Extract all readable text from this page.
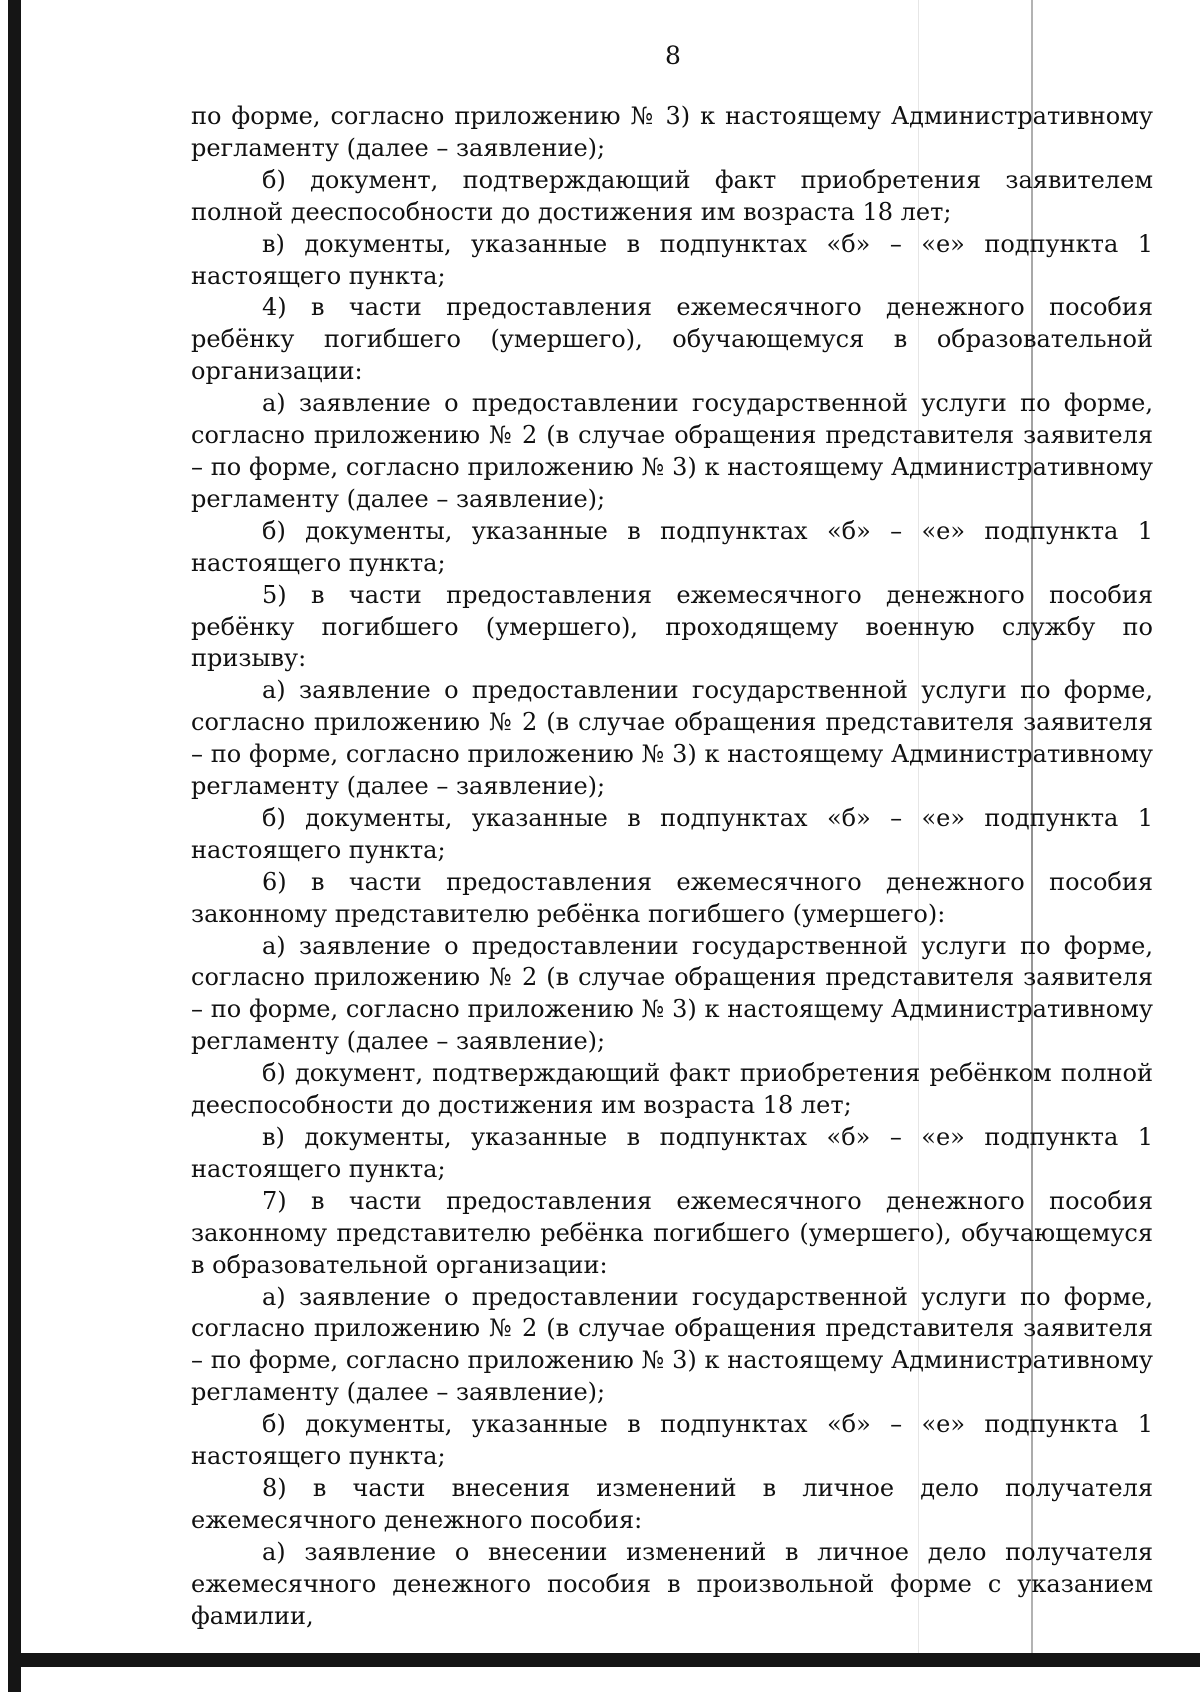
8

по форме, согласно приложению № 3) к настоящему Административному регламенту (далее – заявление);

б) документ, подтверждающий факт приобретения заявителем полной дееспособности до достижения им возраста 18 лет;

в) документы, указанные в подпунктах «б» – «е» подпункта 1 настоящего пункта;

4) в части предоставления ежемесячного денежного пособия ребёнку погибшего (умершего), обучающемуся в образовательной организации:

а) заявление о предоставлении государственной услуги по форме, согласно приложению № 2 (в случае обращения представителя заявителя – по форме, согласно приложению № 3) к настоящему Административному регламенту (далее – заявление);

б) документы, указанные в подпунктах «б» – «е» подпункта 1 настоящего пункта;

5) в части предоставления ежемесячного денежного пособия ребёнку погибшего (умершего), проходящему военную службу по призыву:

а) заявление о предоставлении государственной услуги по форме, согласно приложению № 2 (в случае обращения представителя заявителя – по форме, согласно приложению № 3) к настоящему Административному регламенту (далее – заявление);

б) документы, указанные в подпунктах «б» – «е» подпункта 1 настоящего пункта;

6) в части предоставления ежемесячного денежного пособия законному представителю ребёнка погибшего (умершего):

а) заявление о предоставлении государственной услуги по форме, согласно приложению № 2 (в случае обращения представителя заявителя – по форме, согласно приложению № 3) к настоящему Административному регламенту (далее – заявление);

б) документ, подтверждающий факт приобретения ребёнком полной дееспособности до достижения им возраста 18 лет;

в) документы, указанные в подпунктах «б» – «е» подпункта 1 настоящего пункта;

7) в части предоставления ежемесячного денежного пособия законному представителю ребёнка погибшего (умершего), обучающемуся в образовательной организации:

а) заявление о предоставлении государственной услуги по форме, согласно приложению № 2 (в случае обращения представителя заявителя – по форме, согласно приложению № 3) к настоящему Административному регламенту (далее – заявление);

б) документы, указанные в подпунктах «б» – «е» подпункта 1 настоящего пункта;

8) в части внесения изменений в личное дело получателя ежемесячного денежного пособия:

а) заявление о внесении изменений в личное дело получателя ежемесячного денежного пособия в произвольной форме с указанием фамилии,
